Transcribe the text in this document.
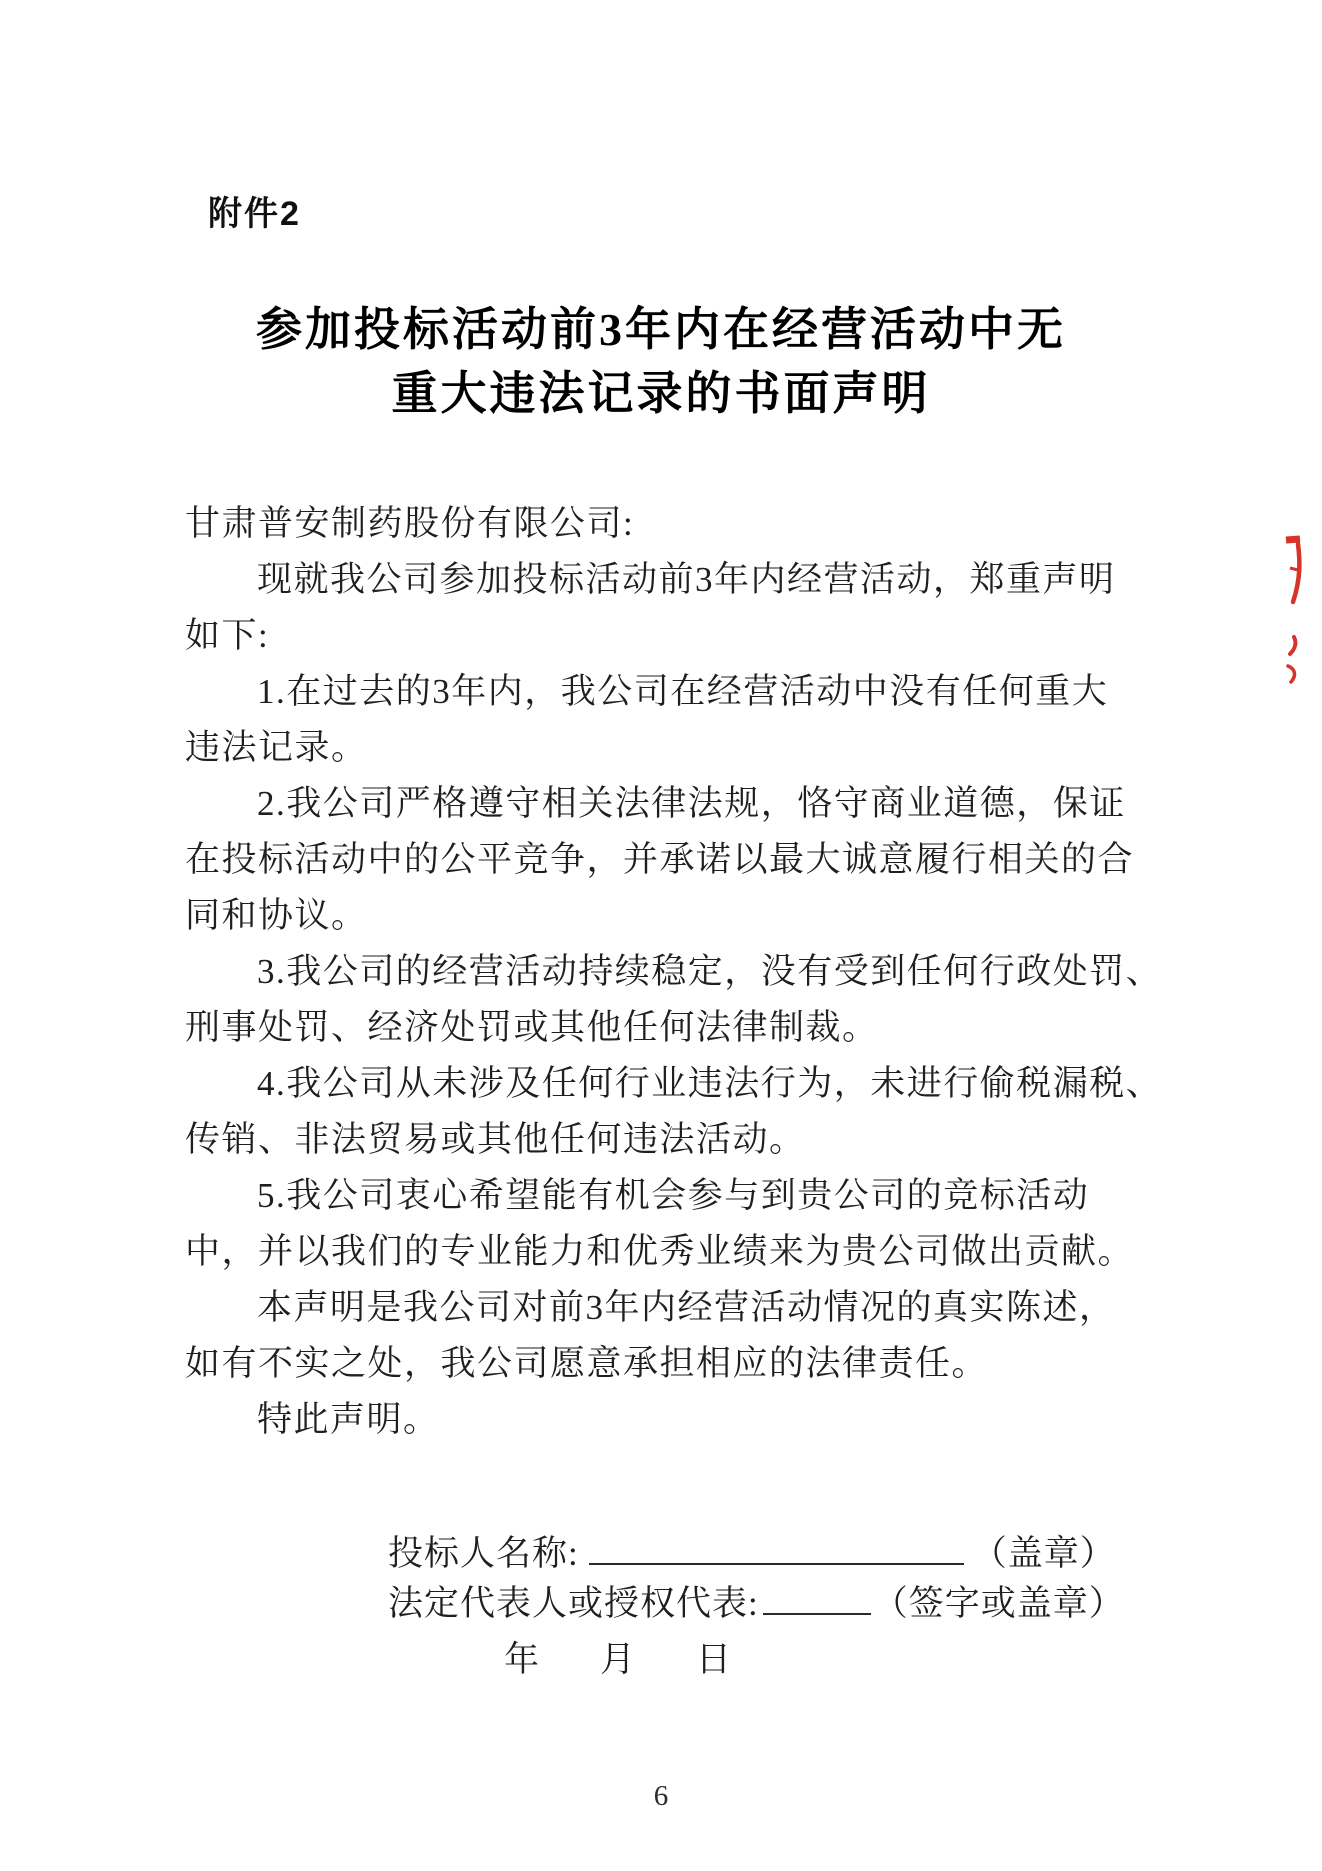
附件2
参加投标活动前3年内在经营活动中无
重大违法记录的书面声明
甘肃普安制药股份有限公司:
现就我公司参加投标活动前3年内经营活动，郑重声明
如下:
1.在过去的3年内，我公司在经营活动中没有任何重大
违法记录。
2.我公司严格遵守相关法律法规，恪守商业道德，保证
在投标活动中的公平竞争，并承诺以最大诚意履行相关的合
同和协议。
3.我公司的经营活动持续稳定，没有受到任何行政处罚、
刑事处罚、经济处罚或其他任何法律制裁。
4.我公司从未涉及任何行业违法行为，未进行偷税漏税、
传销、非法贸易或其他任何违法活动。
5.我公司衷心希望能有机会参与到贵公司的竞标活动
中，并以我们的专业能力和优秀业绩来为贵公司做出贡献。
本声明是我公司对前3年内经营活动情况的真实陈述，
如有不实之处，我公司愿意承担相应的法律责任。
特此声明。
投标人名称:	（盖章）
法定代表人或授权代表:	（签字或盖章）
年 月 日
6
